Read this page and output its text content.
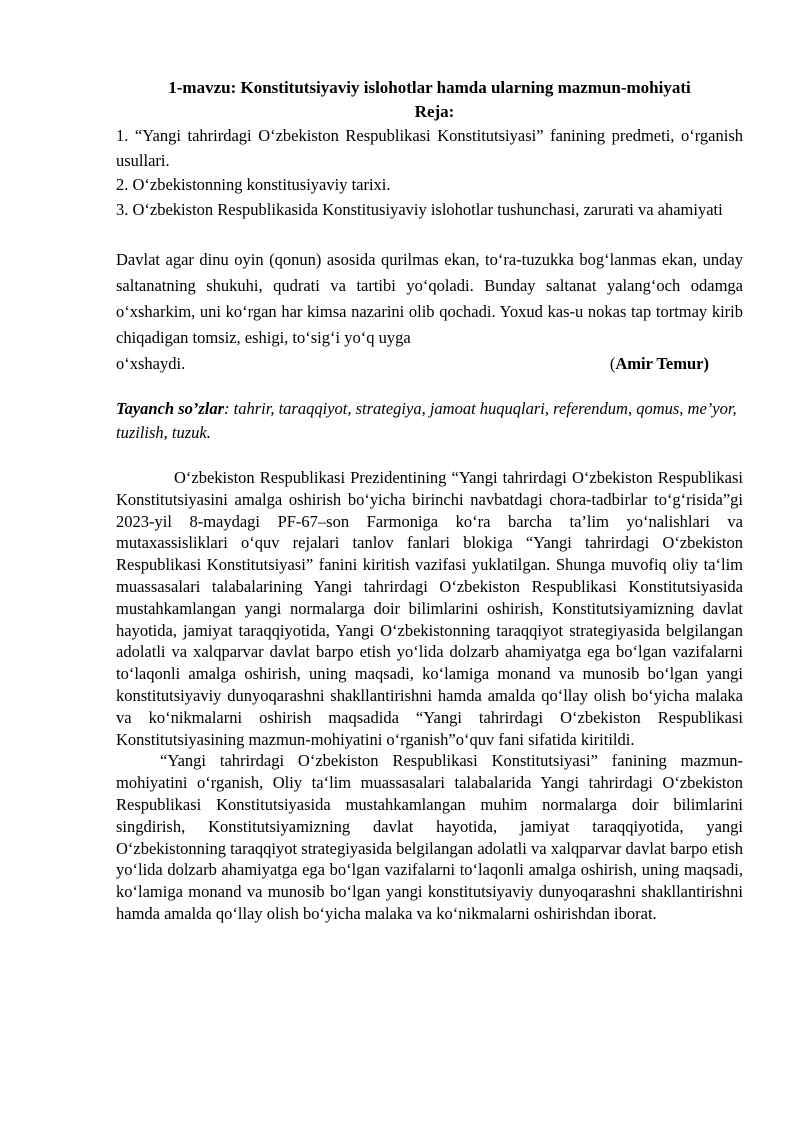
1-mavzu: Konstitutsiyaviy islohotlar hamda ularning mazmun-mohiyati
Reja:

1. “Yangi tahrirdagi O‘zbekiston Respublikasi Konstitutsiyasi” fanining predmeti, o‘rganish usullari.

2. O‘zbekistonning konstitusiyaviy tarixi.

3. O‘zbekiston Respublikasida Konstitusiyaviy islohotlar tushunchasi, zarurati va ahamiyati

Davlat agar dinu oyin (qonun) asosida qurilmas ekan, to‘ra-tuzukka bog‘lanmas ekan, unday saltanatning shukuhi, qudrati va tartibi yo‘qoladi. Bunday saltanat yalang‘och odamga o‘xsharkim, uni ko‘rgan har kimsa nazarini olib qochadi. Yoxud kas-u nokas tap tortmay kirib chiqadigan tomsiz, eshigi, to‘sig‘i yo‘q uyga
o‘xshaydi.	(Amir Temur)
Tayanch so’zlar: tahrir, taraqqiyot, strategiya, jamoat huquqlari, referendum, qomus, me’yor, tuzilish, tuzuk.

O‘zbekiston Respublikasi Prezidentining “Yangi tahrirdagi O‘zbekiston Respublikasi Konstitutsiyasini amalga oshirish bo‘yicha birinchi navbatdagi chora-tadbirlar to‘g‘risida”gi 2023-yil 8-maydagi PF-67–son Farmoniga ko‘ra barcha ta’lim yo‘nalishlari va mutaxassisliklari o‘quv rejalari tanlov fanlari blokiga “Yangi tahrirdagi O‘zbekiston Respublikasi Konstitutsiyasi” fanini kiritish vazifasi yuklatilgan. Shunga muvofiq oliy ta‘lim muassasalari talabalarining Yangi tahrirdagi O‘zbekiston Respublikasi Konstitutsiyasida mustahkamlangan yangi normalarga doir bilimlarini oshirish, Konstitutsiyamizning davlat hayotida, jamiyat taraqqiyotida, Yangi O‘zbekistonning taraqqiyot strategiyasida belgilangan adolatli va xalqparvar davlat barpo etish yo‘lida dolzarb ahamiyatga ega bo‘lgan vazifalarni to‘laqonli amalga oshirish, uning maqsadi, ko‘lamiga monand va munosib bo‘lgan yangi konstitutsiyaviy dunyoqarashni shakllantirishni hamda amalda qo‘llay olish bo‘yicha malaka va ko‘nikmalarni oshirish maqsadida “Yangi tahrirdagi O‘zbekiston Respublikasi Konstitutsiyasining mazmun-mohiyatini o‘rganish”o‘quv fani sifatida kiritildi.

“Yangi tahrirdagi O‘zbekiston Respublikasi Konstitutsiyasi” fanining mazmun-mohiyatini o‘rganish, Oliy ta‘lim muassasalari talabalarida Yangi tahrirdagi O‘zbekiston Respublikasi Konstitutsiyasida mustahkamlangan muhim normalarga doir bilimlarini singdirish, Konstitutsiyamizning davlat hayotida, jamiyat taraqqiyotida, yangi O‘zbekistonning taraqqiyot strategiyasida belgilangan adolatli va xalqparvar davlat barpo etish yo‘lida dolzarb ahamiyatga ega bo‘lgan vazifalarni to‘laqonli amalga oshirish, uning maqsadi, ko‘lamiga monand va munosib bo‘lgan yangi konstitutsiyaviy dunyoqarashni shakllantirishni hamda amalda qo‘llay olish bo‘yicha malaka va ko‘nikmalarni oshirishdan iborat.
